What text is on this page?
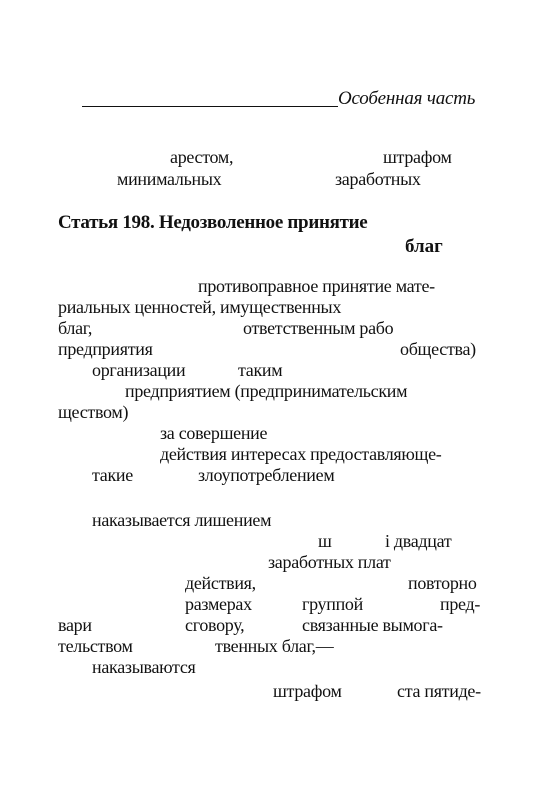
Особенная часть
арестом,	штрафом
минимальных	заработных
Статья 198. Недозволенное принятие
благ
противоправное принятие мате-
риальных ценностей, имущественных
благ,	ответственным рабо
предприятия	общества)
организации	таким
предприятием (предпринимательским
ществом)
за совершение
действия интересах предоставляюще-
такие	злоупотреблением
наказывается лишением
ш	і двадцат
заработных плат
действия,	повторно
размерах	группой	пред-
вари	сговору,	связанные вымога-
тельством	твенных благ,—
наказываются
штрафом	ста пятиде-
